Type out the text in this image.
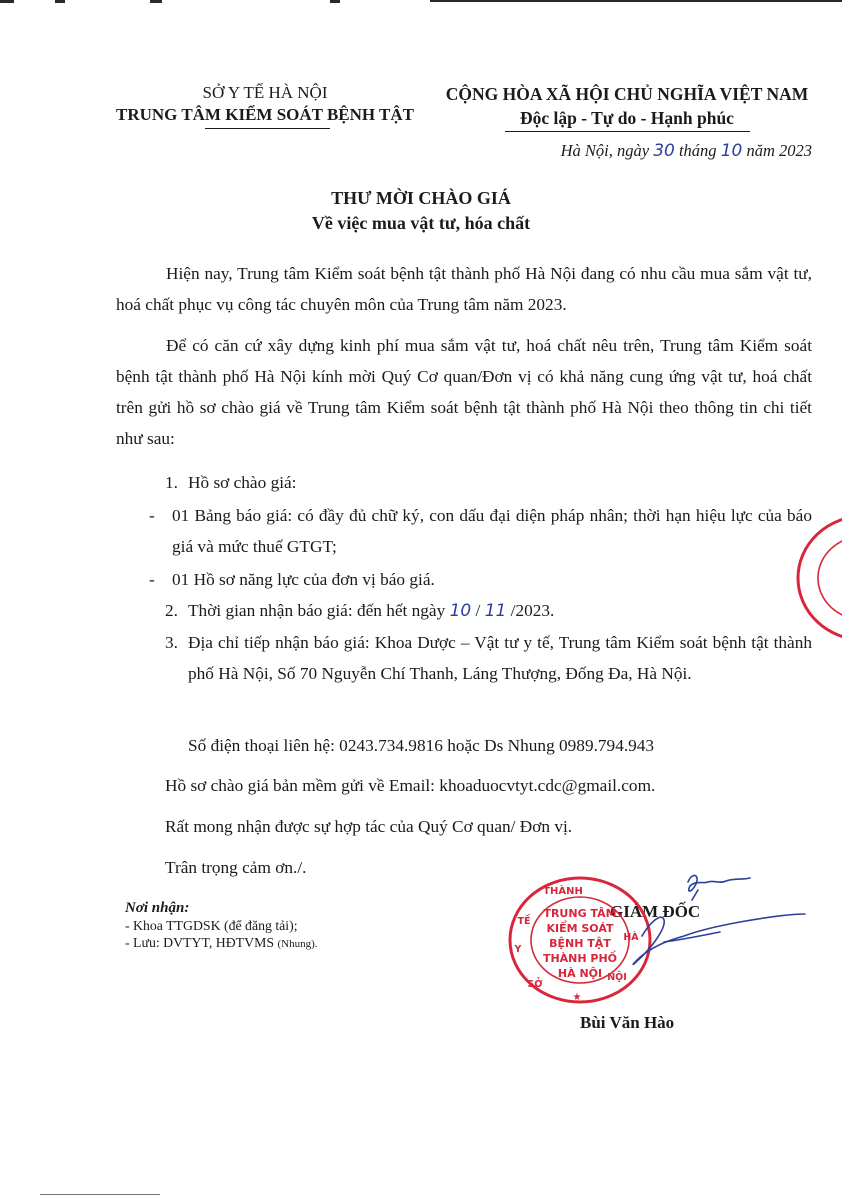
SỞ Y TẾ HÀ NỘI
TRUNG TÂM KIỂM SOÁT BỆNH TẬT
CỘNG HÒA XÃ HỘI CHỦ NGHĨA VIỆT NAM
Độc lập - Tự do - Hạnh phúc
Hà Nội, ngày 30 tháng 10 năm 2023
THƯ MỜI CHÀO GIÁ
Về việc mua vật tư, hóa chất
Hiện nay, Trung tâm Kiểm soát bệnh tật thành phố Hà Nội đang có nhu cầu mua sắm vật tư, hoá chất phục vụ công tác chuyên môn của Trung tâm năm 2023.
Để có căn cứ xây dựng kinh phí mua sắm vật tư, hoá chất nêu trên, Trung tâm Kiểm soát bệnh tật thành phố Hà Nội kính mời Quý Cơ quan/Đơn vị có khả năng cung ứng vật tư, hoá chất trên gửi hồ sơ chào giá về Trung tâm Kiểm soát bệnh tật thành phố Hà Nội theo thông tin chi tiết như sau:
1. Hồ sơ chào giá:
- 01 Bảng báo giá: có đầy đủ chữ ký, con dấu đại diện pháp nhân; thời hạn hiệu lực của báo giá và mức thuế GTGT;
- 01 Hồ sơ năng lực của đơn vị báo giá.
2. Thời gian nhận báo giá: đến hết ngày 10 / 11 /2023.
3. Địa chỉ tiếp nhận báo giá: Khoa Dược – Vật tư y tế, Trung tâm Kiểm soát bệnh tật thành phố Hà Nội, Số 70 Nguyễn Chí Thanh, Láng Thượng, Đống Đa, Hà Nội.
Số điện thoại liên hệ: 0243.734.9816 hoặc Ds Nhung 0989.794.943
Hồ sơ chào giá bản mềm gửi về Email: khoaduocvtyt.cdc@gmail.com.
Rất mong nhận được sự hợp tác của Quý Cơ quan/ Đơn vị.
Trân trọng cảm ơn./.
Nơi nhận:
- Khoa TTGDSK (để đăng tải);
- Lưu: DVTYT, HĐTVMS (Nhung).
GIÁM ĐỐC
THÀNH
TẾ
Y
SỞ
HÀ
NỘI
TRUNG TÂM
KIỂM SOÁT
BỆNH TẬT
THÀNH PHỐ
HÀ NỘI
★
Bùi Văn Hào
